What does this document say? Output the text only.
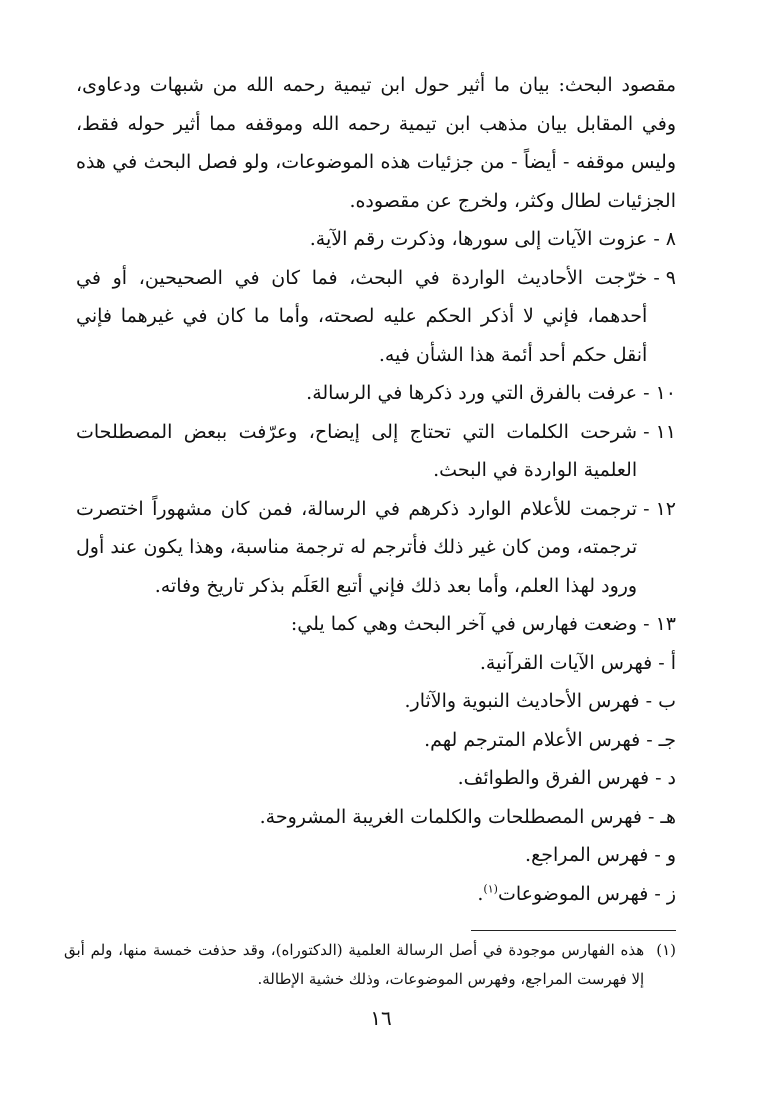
مقصود البحث: بيان ما أثير حول ابن تيمية رحمه الله من شبهات ودعاوى، وفي المقابل بيان مذهب ابن تيمية رحمه الله وموقفه مما أثير حوله فقط، وليس موقفه - أيضاً - من جزئيات هذه الموضوعات، ولو فصل البحث في هذه الجزئيات لطال وكثر، ولخرج عن مقصوده.

٨ -
عزوت الآيات إلى سورها، وذكرت رقم الآية.
٩ -
خرّجت الأحاديث الواردة في البحث، فما كان في الصحيحين، أو في أحدهما، فإني لا أذكر الحكم عليه لصحته، وأما ما كان في غيرهما فإني أنقل حكم أحد أئمة هذا الشأن فيه.
١٠ -
عرفت بالفرق التي ورد ذكرها في الرسالة.
١١ -
شرحت الكلمات التي تحتاج إلى إيضاح، وعرّفت ببعض المصطلحات العلمية الواردة في البحث.
١٢ -
ترجمت للأعلام الوارد ذكرهم في الرسالة، فمن كان مشهوراً اختصرت ترجمته، ومن كان غير ذلك فأترجم له ترجمة مناسبة، وهذا يكون عند أول ورود لهذا العلم، وأما بعد ذلك فإني أتبع العَلَم بذكر تاريخ وفاته.
١٣ -
وضعت فهارس في آخر البحث وهي كما يلي:
أ - فهرس الآيات القرآنية.
ب - فهرس الأحاديث النبوية والآثار.
جـ - فهرس الأعلام المترجم لهم.
د - فهرس الفرق والطوائف.
هـ - فهرس المصطلحات والكلمات الغريبة المشروحة.
و - فهرس المراجع.
ز - فهرس الموضوعات$^{(١)}$.
(١)
هذه الفهارس موجودة في أصل الرسالة العلمية (الدكتوراه)، وقد حذفت خمسة منها، ولم أبق إلا فهرست المراجع، وفهرس الموضوعات، وذلك خشية الإطالة.
١٦
